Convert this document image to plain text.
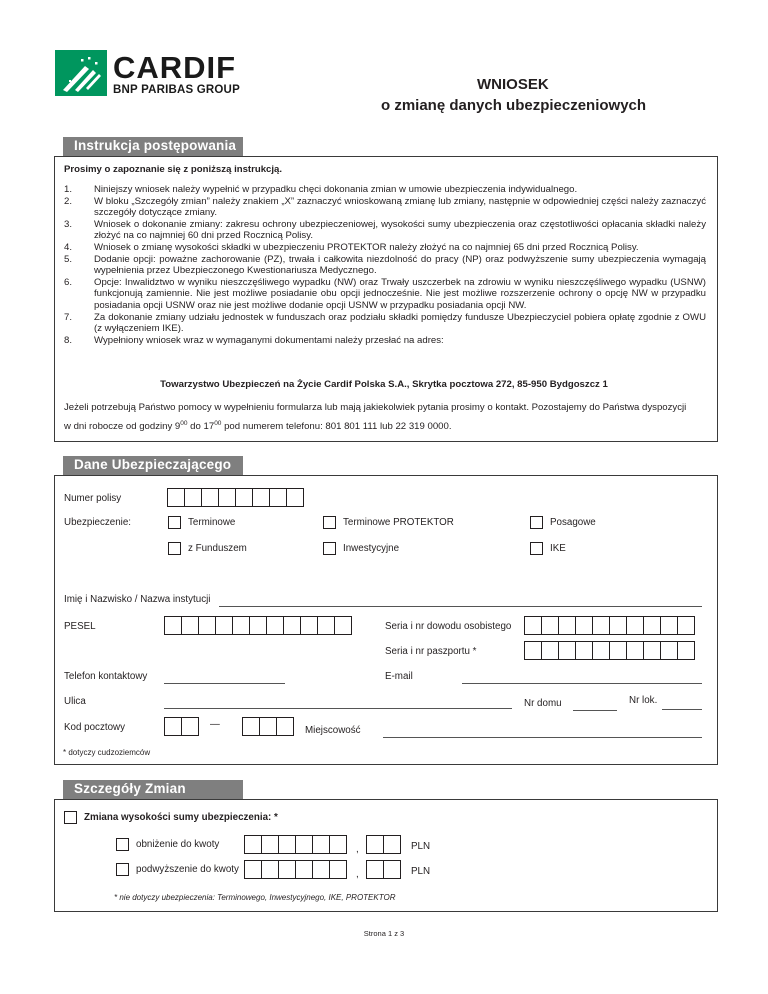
CARDIF
BNP PARIBAS GROUP	WNIOSEK
o zmianę danych ubezpieczeniowych
Instrukcja postępowania
Prosimy o zapoznanie się z poniższą instrukcją.
1. Niniejszy wniosek należy wypełnić w przypadku chęci dokonania zmian w umowie ubezpieczenia indywidualnego.
2. W bloku „Szczegóły zmian” należy znakiem „X” zaznaczyć wnioskowaną zmianę lub zmiany, następnie w odpowiedniej części należy zaznaczyć szczegóły dotyczące zmiany.
3. Wniosek o dokonanie zmiany: zakresu ochrony ubezpieczeniowej, wysokości sumy ubezpieczenia oraz częstotliwości opłacania składki należy złożyć na co najmniej 60 dni przed Rocznicą Polisy.
4. Wniosek o zmianę wysokości składki w ubezpieczeniu PROTEKTOR należy złożyć na co najmniej 65 dni przed Rocznicą Polisy.
5. Dodanie opcji: poważne zachorowanie (PZ), trwała i całkowita niezdolność do pracy (NP) oraz podwyższenie sumy ubezpieczenia wymagają wypełnienia przez Ubezpieczonego Kwestionariusza Medycznego.
6. Opcje: Inwalidztwo w wyniku nieszczęśliwego wypadku (NW) oraz Trwały uszczerbek na zdrowiu w wyniku nieszczęśliwego wypadku (USNW) funkcjonują zamiennie. Nie jest możliwe posiadanie obu opcji jednocześnie. Nie jest możliwe rozszerzenie ochrony o opcję NW w przypadku posiadania opcji USNW oraz nie jest możliwe dodanie opcji USNW w przypadku posiadania opcji NW.
7. Za dokonanie zmiany udziału jednostek w funduszach oraz podziału składki pomiędzy fundusze Ubezpieczyciel pobiera opłatę zgodnie z OWU (z wyłączeniem IKE).
8. Wypełniony wniosek wraz w wymaganymi dokumentami należy przesłać na adres:
Towarzystwo Ubezpieczeń na Życie Cardif Polska S.A., Skrytka pocztowa 272, 85-950 Bydgoszcz 1
Jeżeli potrzebują Państwo pomocy w wypełnieniu formularza lub mają jakiekolwiek pytania prosimy o kontakt. Pozostajemy do Państwa dyspozycji
w dni robocze od godziny $9^{00}$ do $17^{00}$ pod numerem telefonu: 801 801 111 lub 22 319 0000.
Dane Ubezpieczającego
Numer polisy
Ubezpieczenie:	Terminowe	Terminowe PROTEKTOR	Posagowe
z Funduszem	Inwestycyjne	IKE
Imię i Nazwisko / Nazwa instytucji
PESEL	Seria i nr dowodu osobistego
Seria i nr paszportu *
Telefon kontaktowy	E-mail
Ulica	Nr domu	Nr lok.
Kod pocztowy	—
Miejscowość
* dotyczy cudzoziemców
Szczegóły Zmian
Zmiana wysokości sumy ubezpieczenia: *
obniżenie do kwoty	,	PLN
podwyższenie do kwoty	,	PLN
* nie dotyczy ubezpieczenia: Terminowego, Inwestycyjnego, IKE, PROTEKTOR
Strona 1 z 3
